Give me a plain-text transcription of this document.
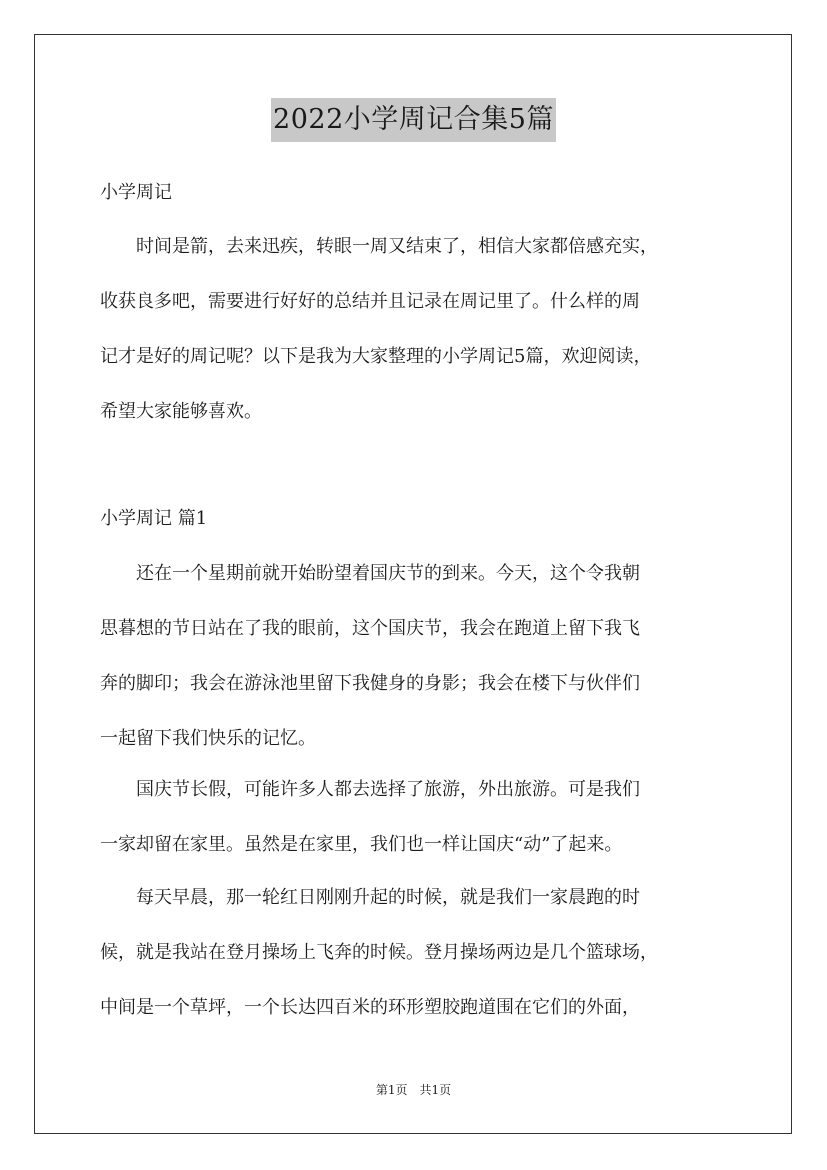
2022小学周记合集5篇
小学周记

　　时间是箭，去来迅疾，转眼一周又结束了，相信大家都倍感充实，

收获良多吧，需要进行好好的总结并且记录在周记里了。什么样的周

记才是好的周记呢？以下是我为大家整理的小学周记5篇，欢迎阅读，

希望大家能够喜欢。

小学周记 篇1

　　还在一个星期前就开始盼望着国庆节的到来。今天，这个令我朝

思暮想的节日站在了我的眼前，这个国庆节，我会在跑道上留下我飞

奔的脚印；我会在游泳池里留下我健身的身影；我会在楼下与伙伴们

一起留下我们快乐的记忆。

　　国庆节长假，可能许多人都去选择了旅游，外出旅游。可是我们

一家却留在家里。虽然是在家里，我们也一样让国庆“动”了起来。

　　每天早晨，那一轮红日刚刚升起的时候，就是我们一家晨跑的时

候，就是我站在登月操场上飞奔的时候。登月操场两边是几个篮球场，

中间是一个草坪，一个长达四百米的环形塑胶跑道围在它们的外面，

第1页　共1页
